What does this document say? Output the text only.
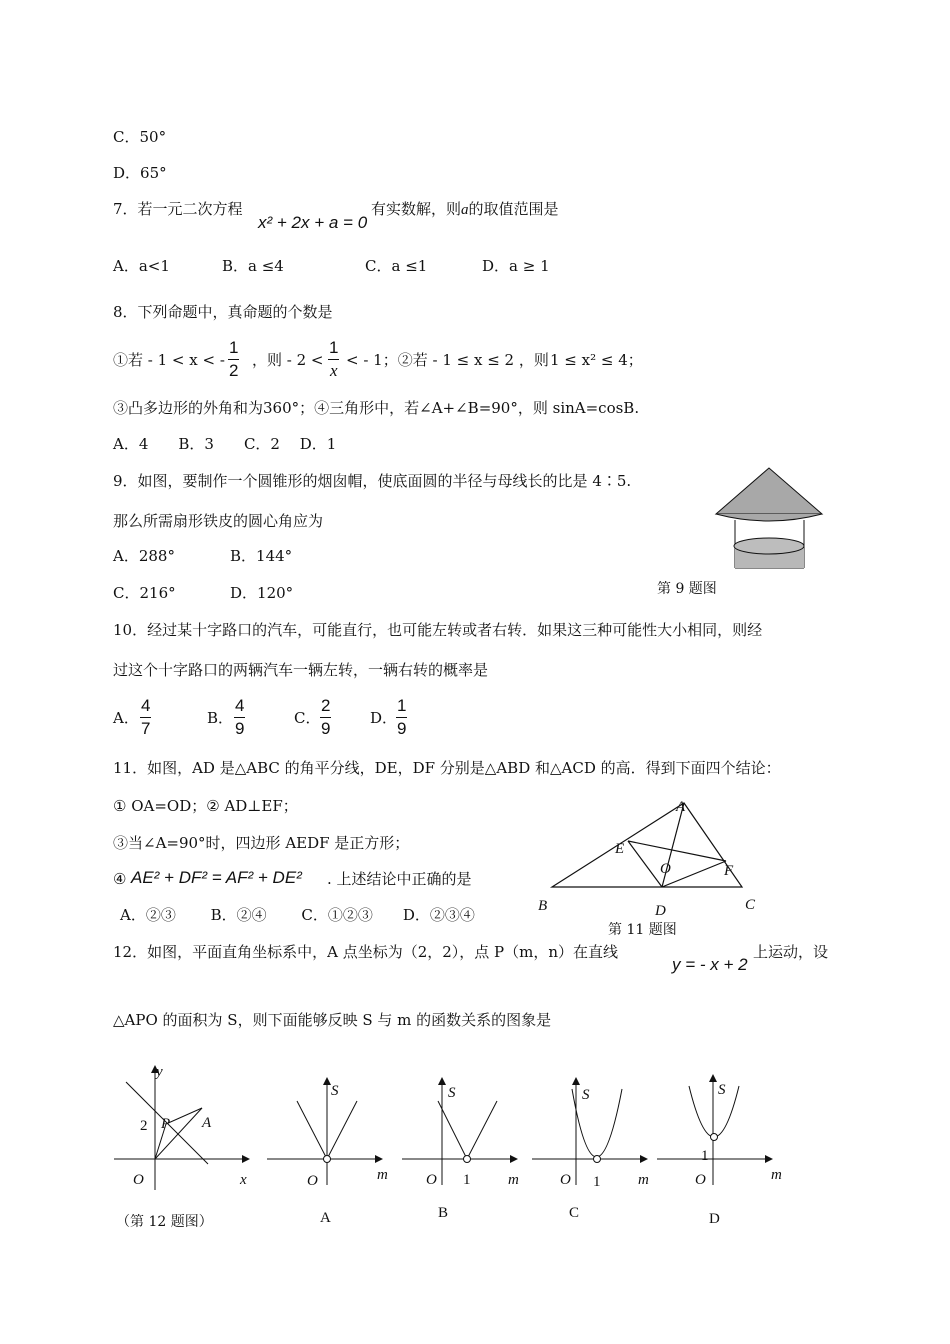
C．50°
D．65°
7．若一元二次方程
x² + 2x + a = 0
有实数解，则a的取值范围是
A．a<1	B．a ≤4	C．a ≤1	D．a ≥ 1
8．下列命题中，真命题的个数是
①若 - 1 < x < - $\frac{1}{2}$ ，则 - $2 < \frac{1}{x}$ < - 1；②若 - 1 ≤ x ≤ 2 ，则 1 ≤ x² ≤ 4；
③凸多边形的外角和为360°；④三角形中，若∠A+∠B=90°，则 sinA=cosB.
A．4　　B．3　　C．2　 D．1
9．如图，要制作一个圆锥形的烟囱帽，使底面圆的半径与母线长的比是 4∶5.
那么所需扇形铁皮的圆心角应为
A．288°	B．144°
C．216°	D．120°	第 9 题图
10．经过某十字路口的汽车，可能直行，也可能左转或者右转．如果这三种可能性大小相同，则经
过这个十字路口的两辆汽车一辆左转，一辆右转的概率是
A． $\frac{4}{7}$	B． $\frac{4}{9}$	C． $\frac{2}{9}$	D．
$\frac{1}{9}$
11．如图，AD 是△ABC 的角平分线，DE，DF 分别是△ABD 和△ACD 的高．得到下面四个结论：
① OA=OD；② AD⊥EF；
③当∠A=90°时，四边形 AEDF 是正方形；
④ AE² + DF² = AF² + DE² . 上述结论中正确的是
A．②③　　 B．②④　　 C．①②③　　D．②③④
A
B	C
D
E
F
O
第 11 题图
12．如图，平面直角坐标系中，A 点坐标为（2，2），点 P（m，n）在直线
y = - x + 2
上运动，设
△APO 的面积为 S，则下面能够反映 S 与 m 的函数关系的图象是
y
x
O
2 P A
（第 12 题图）
S
O	m
A
S
O 1	m
B
S
O 1	m
C
S
1
O	m
D
